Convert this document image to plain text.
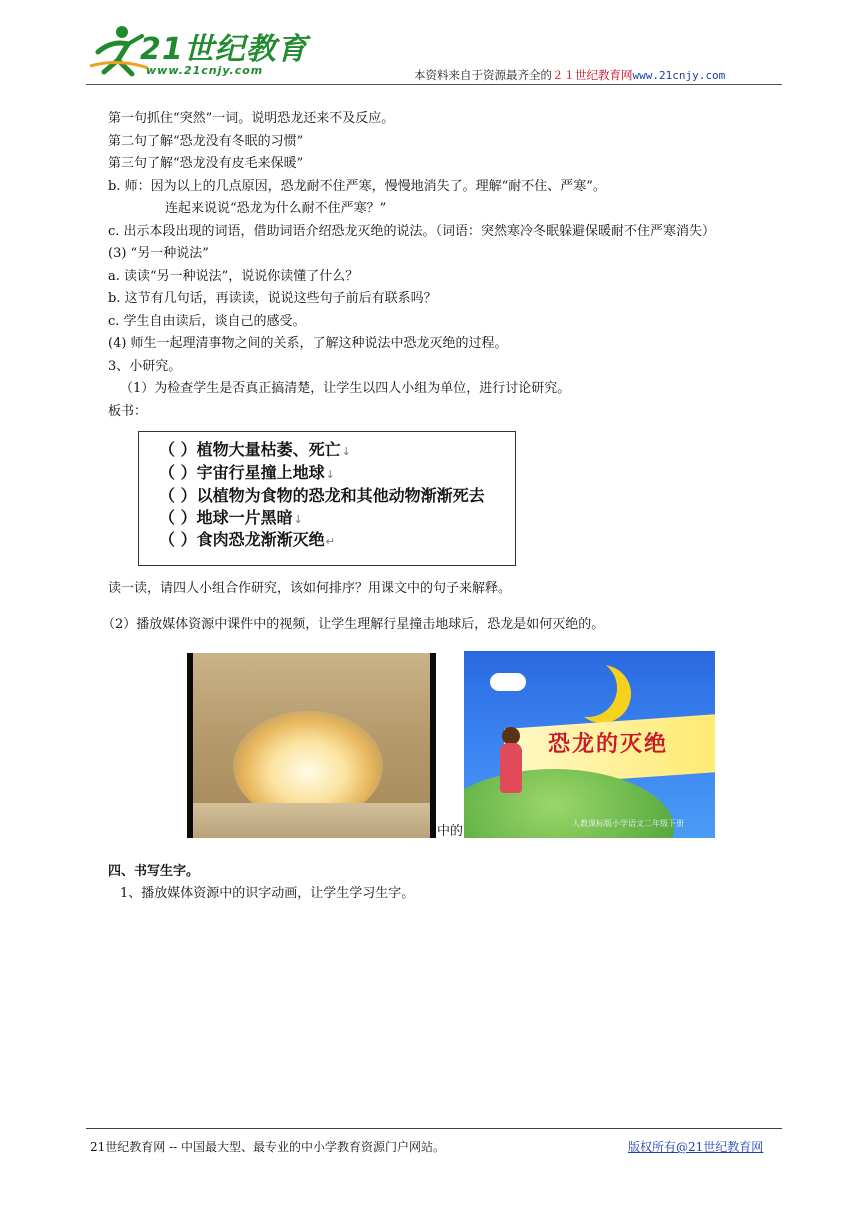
21世纪教育
www.21cnjy.com	本资料来自于资源最齐全的２１世纪教育网www.21cnjy.com
第一句抓住“突然”一词。说明恐龙还来不及反应。
第二句了解“恐龙没有冬眠的习惯”
第三句了解“恐龙没有皮毛来保暖”
b. 师：因为以上的几点原因，恐龙耐不住严寒，慢慢地消失了。理解“耐不住、严寒”。
连起来说说“恐龙为什么耐不住严寒？”
c. 出示本段出现的词语，借助词语介绍恐龙灭绝的说法。（词语：突然寒冷冬眠躲避保暖耐不住严寒消失）
(3) “另一种说法”
a. 读读“另一种说法”，说说你读懂了什么？
b. 这节有几句话，再读读，说说这些句子前后有联系吗？
c. 学生自由读后，谈自己的感受。
(4) 师生一起理清事物之间的关系，了解这种说法中恐龙灭绝的过程。
3、小研究。
（1）为检查学生是否真正搞清楚，让学生以四人小组为单位，进行讨论研究。
板书：
（ ）植物大量枯萎、死亡↓
（ ）宇宙行星撞上地球↓
（ ）以植物为食物的恐龙和其他动物渐渐死去
（ ）地球一片黑暗↓
（ ）食肉恐龙渐渐灭绝↵
读一读，请四人小组合作研究，该如何排序？用课文中的句子来解释。
（2）播放媒体资源中课件中的视频，让学生理解行星撞击地球后，恐龙是如何灭绝的。
中的
恐龙的灭绝
人教课标版小学语文二年级下册
四、书写生字。
1、播放媒体资源中的识字动画，让学生学习生字。
21世纪教育网 -- 中国最大型、最专业的中小学教育资源门户网站。	版权所有@21世纪教育网
